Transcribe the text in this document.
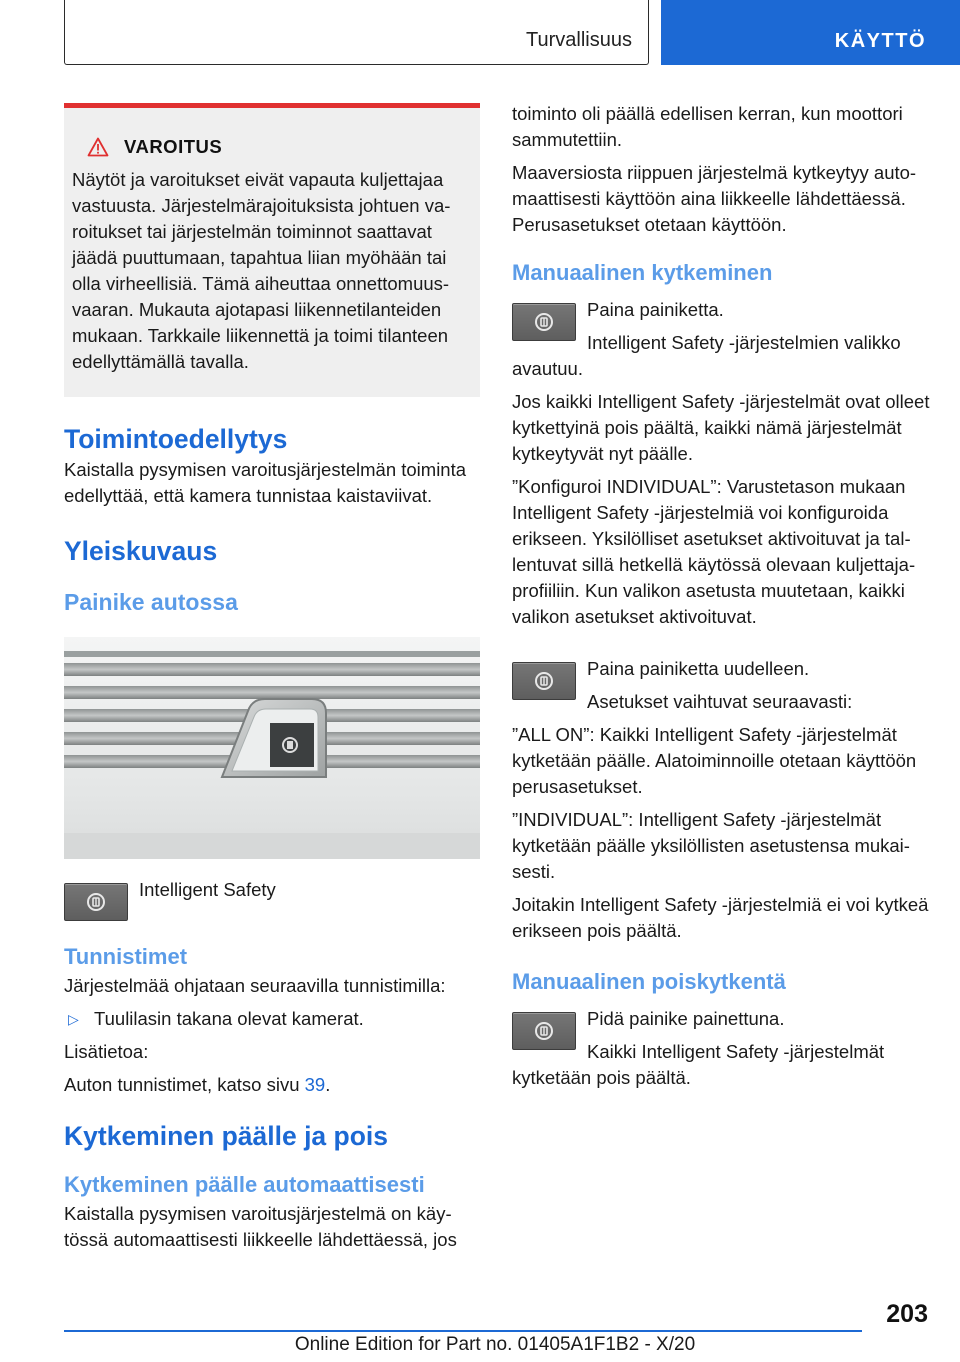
Turvallisuus	KÄYTTÖ
VAROITUS
Näytöt ja varoitukset eivät vapauta kuljettajaa vastuusta. Järjestelmärajoituksista johtuen varoitukset tai järjestelmän toiminnot saattavat jäädä puuttumaan, tapahtua liian myöhään tai olla virheellisiä. Tämä aiheuttaa onnettomuusvaaran. Mukauta ajotapasi liikennetilanteiden mukaan. Tarkkaile liikennettä ja toimi tilanteen edellyttämällä tavalla.
Toimintoedellytys

Kaistalla pysymisen varoitusjärjestelmän toiminta edellyttää, että kamera tunnistaa kaistaviivat.

Yleiskuvaus
Painike autossa

Intelligent Safety

Tunnistimet

Järjestelmää ohjataan seuraavilla tunnistimilla:

▷ Tuulilasin takana olevat kamerat.

Lisätietoa:

Auton tunnistimet, katso sivu 39.

Kytkeminen päälle ja pois
Kytkeminen päälle automaattisesti

Kaistalla pysymisen varoitusjärjestelmä on käytössä automaattisesti liikkeelle lähdettäessä, jos

toiminto oli päällä edellisen kerran, kun moottori sammutettiin.

Maaversiosta riippuen järjestelmä kytkeytyy automaattisesti käyttöön aina liikkeelle lähdettäessä. Perusasetukset otetaan käyttöön.

Manuaalinen kytkeminen

Paina painiketta.

Intelligent Safety -järjestelmien valikko avautuu.

Jos kaikki Intelligent Safety -järjestelmät ovat olleet kytkettyinä pois päältä, kaikki nämä järjestelmät kytkeytyvät nyt päälle.

”Konfiguroi INDIVIDUAL”: Varustetason mukaan Intelligent Safety -järjestelmiä voi konfiguroida erikseen. Yksilölliset asetukset aktivoituvat ja tallentuvat sillä hetkellä käytössä olevaan kuljettajaprofiiliin. Kun valikon asetusta muutetaan, kaikki valikon asetukset aktivoituvat.

Paina painiketta uudelleen.

Asetukset vaihtuvat seuraavasti:

”ALL ON”: Kaikki Intelligent Safety -järjestelmät kytketään päälle. Alatoiminnoille otetaan käyttöön perusasetukset.

”INDIVIDUAL”: Intelligent Safety -järjestelmät kytketään päälle yksilöllisten asetustensa mukaisesti.

Joitakin Intelligent Safety -järjestelmiä ei voi kytkeä erikseen pois päältä.

Manuaalinen poiskytkentä

Pidä painike painettuna.

Kaikki Intelligent Safety -järjestelmät kytketään pois päältä.

203
Online Edition for Part no. 01405A1F1B2 - X/20
